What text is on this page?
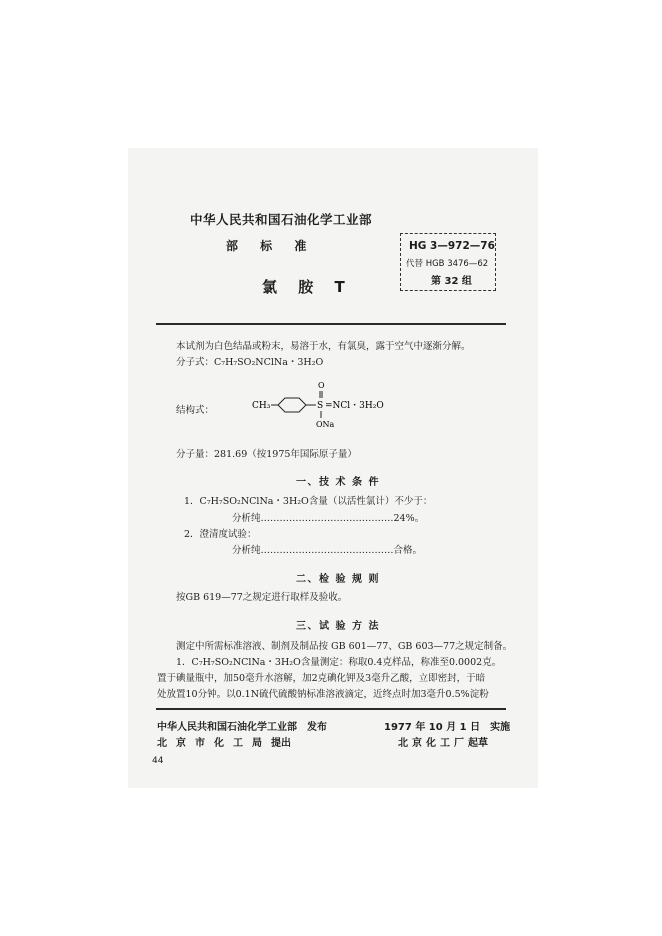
中华人民共和国石油化学工业部
部 标 准
氯 胺 T
HG 3—972—76
代替 HGB 3476—62
第 32 组
本试剂为白色结晶或粉末，易溶于水，有氯臭，露于空气中逐渐分解。
分子式：C₇H₇SO₂NClNa・3H₂O
结构式：	CH₃	S
O
ONa
=NCl・3H₂O
分子量：281.69（按1975年国际原子量）
一、技 术 条 件
1．C₇H₇SO₂NClNa・3H₂O含量（以活性氯计）不少于：
分析纯……………………………………24%。
2．澄清度试验：
分析纯……………………………………合格。
二、检 验 规 则
按GB 619—77之规定进行取样及验收。
三、试 验 方 法
测定中所需标准溶液、制剂及制品按 GB 601—77、GB 603—77之规定制备。
1．C₇H₇SO₂NClNa・3H₂O含量测定：称取0.4克样品，称准至0.0002克。
置于碘量瓶中，加50毫升水溶解，加2克碘化钾及3毫升乙酸，立即密封，于暗
处放置10分钟。以0.1N硫代硫酸钠标准溶液滴定，近终点时加3毫升0.5%淀粉
中华人民共和国石油化学工业部　发布	1977 年 10 月 1 日　实施
北京市化工局提出	北京化工厂起草
44
